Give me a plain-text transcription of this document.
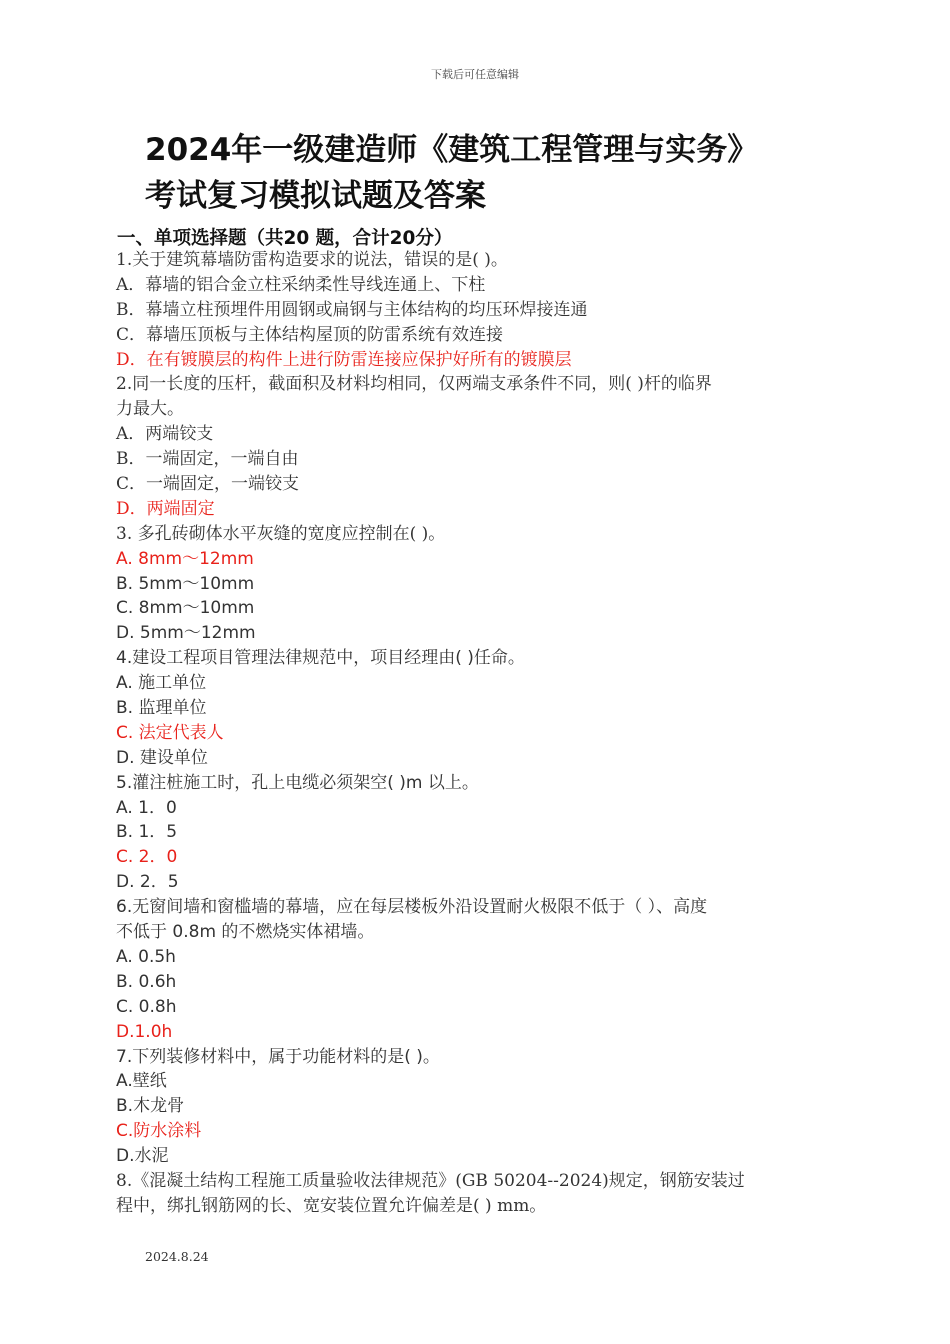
下载后可任意编辑
2024年一级建造师《建筑工程管理与实务》
考试复习模拟试题及答案
一、单项选择题（共20 题，合计20分）
1.关于建筑幕墙防雷构造要求的说法，错误的是( )。
A．幕墙的铝合金立柱采纳柔性导线连通上、下柱
B．幕墙立柱预埋件用圆钢或扁钢与主体结构的均压环焊接连通
C．幕墙压顶板与主体结构屋顶的防雷系统有效连接
D．在有镀膜层的构件上进行防雷连接应保护好所有的镀膜层
2.同一长度的压杆，截面积及材料均相同，仅两端支承条件不同，则( )杆的临界
力最大。
A．两端铰支
B．一端固定，一端自由
C．一端固定，一端铰支
D．两端固定
3. 多孔砖砌体水平灰缝的宽度应控制在( )。
A. 8mm～12mm
B. 5mm～10mm
C. 8mm～10mm
D. 5mm～12mm
4.建设工程项目管理法律规范中，项目经理由( )任命。
A. 施工单位
B. 监理单位
C. 法定代表人
D. 建设单位
5.灌注桩施工时，孔上电缆必须架空( )m 以上。
A. 1．0
B. 1．5
C. 2．0
D. 2．5
6.无窗间墙和窗槛墙的幕墙，应在每层楼板外沿设置耐火极限不低于（ ）、高度
不低于 0.8m 的不燃烧实体裙墙。
A. 0.5h
B. 0.6h
C. 0.8h
D.1.0h
7.下列装修材料中，属于功能材料的是( )。
A.壁纸
B.木龙骨
C.防水涂料
D.水泥
8.《混凝土结构工程施工质量验收法律规范》(GB 50204--2024)规定，钢筋安装过
程中，绑扎钢筋网的长、宽安装位置允许偏差是( ) mm。
2024.8.24
